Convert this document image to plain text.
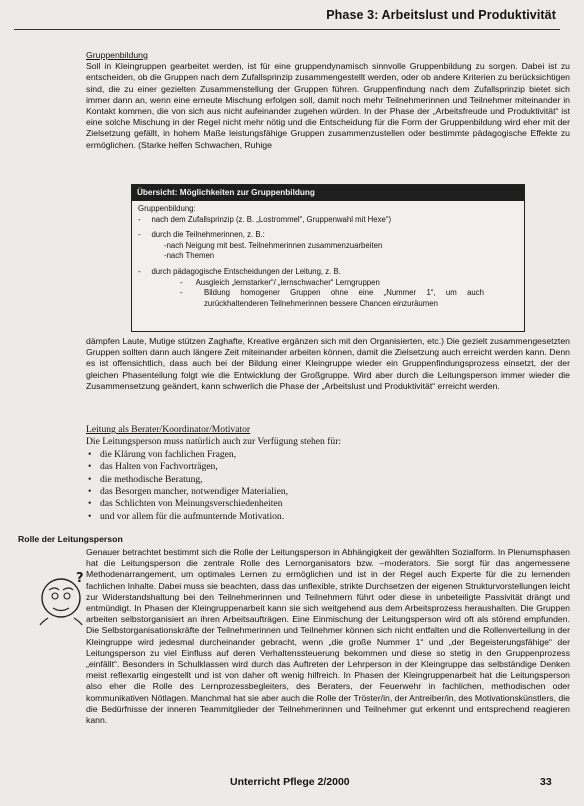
Phase 3: Arbeitslust und Produktivität

Gruppenbildung

Soll in Kleingruppen gearbeitet werden, ist für eine gruppendynamisch sinnvolle Gruppenbildung zu sorgen. Dabei ist zu entscheiden, ob die Gruppen nach dem Zufallsprinzip zusammengestellt werden, oder ob andere Kriterien zu berücksichtigen sind, die zu einer gezielten Zusammenstellung der Gruppen führen. Gruppenfindung nach dem Zufallsprinzip bietet sich immer dann an, wenn eine erneute Mischung erfolgen soll, damit noch mehr Teilnehmerinnen und Teilnehmer miteinander in Kontakt kommen, die von sich aus nicht aufeinander zugehen würden. In der Phase der „Arbeitsfreude und Produktivität“ ist eine solche Mischung in der Regel nicht mehr nötig und die Entscheidung für die Form der Gruppenbildung wird eher mit der Zielsetzung gefällt, in hohem Maße leistungsfähige Gruppen zusammenzustellen oder bestimmte pädagogische Effekte zu ermöglichen. (Starke helfen Schwachen, Ruhige

Übersicht: Möglichkeiten zur Gruppenbildung
Gruppenbildung:
-     nach dem Zufallsprinzip (z. B. „Lostrommel“, Gruppenwahl mit Hexe“)
-     durch die Teilnehmerinnen, z. B.:
-nach Neigung mit best. Teilnehmerinnen zusammenzuarbeiten
-nach Themen
-     durch pädagogische Entscheidungen der Leitung, z. B.
-      Ausgleich „lernstarker“/ „lernschwacher“ Lerngruppen
-	Bildung homogener Gruppen ohne eine „Nummer 1“, um auch zurückhaltenderen Teilnehmerinnen bessere Chancen einzuräumen

dämpfen Laute, Mutige stützen Zaghafte, Kreative ergänzen sich mit den Organisierten, etc.) Die gezielt zusammengesetzten Gruppen sollten dann auch längere Zeit miteinander arbeiten können, damit die Zielsetzung auch erreicht werden kann. Denn es ist offensichtlich, dass auch bei der Bildung einer Kleingruppe wieder ein Gruppenfindungsprozess einsetzt, der der gleichen Phasenteilung folgt wie die Entwicklung der Großgruppe. Wird aber durch die Leitungsperson immer wieder die Zusammensetzung geändert, kann schwerlich die Phase der „Arbeitslust und Produktivität“ erreicht werden.

Leitung als Berater/Koordinator/Motivator

Die Leitungsperson muss natürlich auch zur Verfügung stehen für:

• die Klärung von fachlichen Fragen,
• das Halten von Fachvorträgen,
• die methodische Beratung,
• das Besorgen mancher, notwendiger Materialien,
• das Schlichten von Meinungsverschiedenheiten
• und vor allem für die aufmunternde Motivation.
Rolle der Leitungsperson
?

Genauer betrachtet bestimmt sich die Rolle der Leitungsperson in Abhängigkeit der gewählten Sozialform. In Plenumsphasen hat die Leitungsperson die zentrale Rolle des Lernorganisators bzw. –moderators. Sie sorgt für das angemessene Methodenarrangement, um optimales Lernen zu ermöglichen und ist in der Regel auch Experte für die zu lernenden fachlichen Inhalte. Dabei muss sie beachten, dass das unflexible, strikte Durchsetzen der eigenen Strukturvorstellungen leicht zur Widerstandshaltung bei den Teilnehmerinnen und Teilnehmern führt oder diese in unbeteiligte Passivität drängt und entmündigt. In Phasen der Kleingruppenarbeit kann sie sich weitgehend aus dem Arbeitsprozess heraushalten. Die Gruppen arbeiten selbstorganisiert an ihren Arbeitsaufträgen. Eine Einmischung der Leitungsperson wird oft als störend empfunden. Die Selbstorganisationskräfte der Teilnehmerinnen und Teilnehmer können sich nicht entfalten und die Rollenverteilung in der Kleingruppe wird jedesmal durcheinander gebracht, wenn „die große Nummer 1“ und „der Begeisterungsfähige“ der Leitungsperson zu viel Einfluss auf deren Verhaltenssteuerung bekommen und diese so stetig in den Gruppenprozess „einfällt“. Besonders in Schulklassen wird durch das Auftreten der Lehrperson in der Kleingruppe das selbständige Denken meist reflexartig eingestellt und ist von daher oft wenig hilfreich. In Phasen der Kleingruppenarbeit hat die Leitungsperson also eher die Rolle des Lernprozessbegleiters, des Beraters, der Feuerwehr in fachlichen, methodischen oder kommunikativen Nötlagen. Manchmal hat sie aber auch die Rolle der Tröster/in, der Antreiber/in, des Motivationskünstlers, die die Bedürfnisse der inneren Teammitglieder der Teilnehmerinnen und Teilnehmer gut erkennt und entsprechend reagieren kann.

Unterricht Pflege 2/2000	33
